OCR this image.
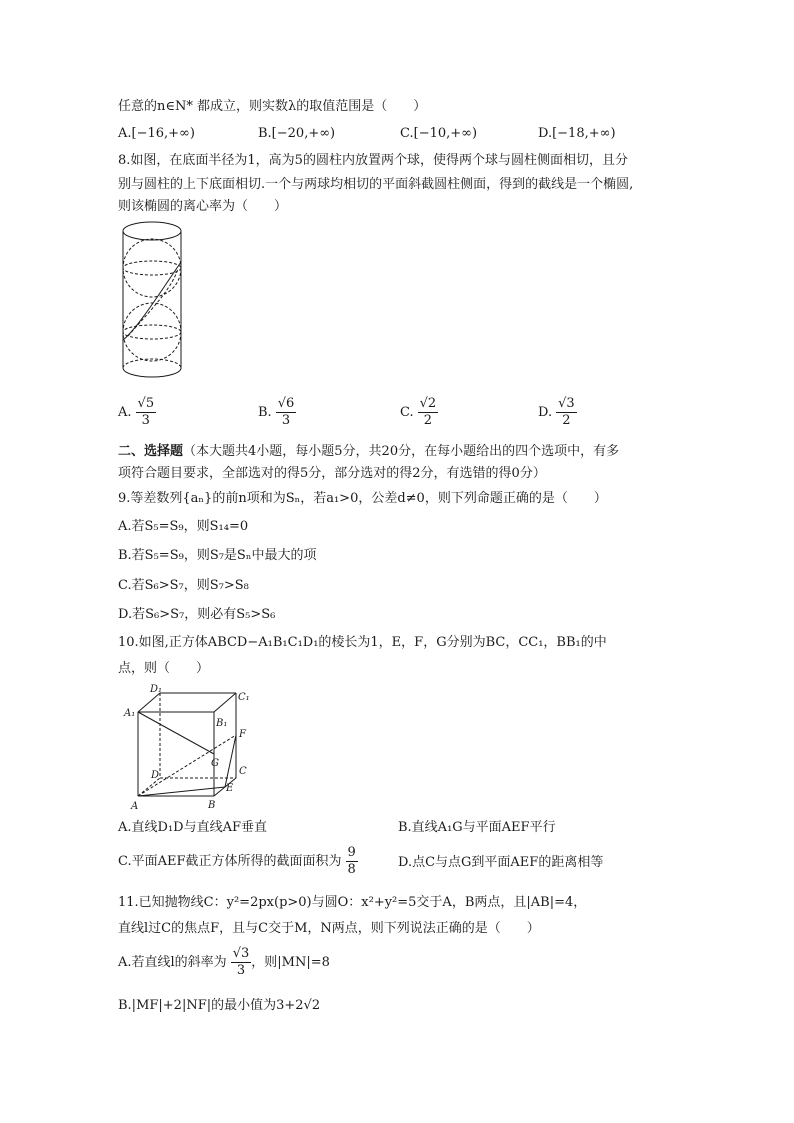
任意的n∈N* 都成立，则实数λ的取值范围是（　　）
A.[−16,+∞)	B.[−20,+∞)	C.[−10,+∞)	D.[−18,+∞)
8.如图，在底面半径为1，高为5的圆柱内放置两个球，使得两个球与圆柱侧面相切，且分
别与圆柱的上下底面相切.一个与两球均相切的平面斜截圆柱侧面，得到的截线是一个椭圆,
则该椭圆的离心率为（　　）
A. $\frac{√5}{3}$	B. $\frac{√6}{3}$	C. $\frac{√2}{2}$	D. $\frac{√3}{2}$
二、选择题（本大题共4小题，每小题5分，共20分，在每小题给出的四个选项中，有多
项符合题目要求，全部选对的得5分，部分选对的得2分，有选错的得0分）
9.等差数列{aₙ}的前n项和为Sₙ，若a₁>0，公差d≠0，则下列命题正确的是（　　）
A.若S₅=S₉，则S₁₄=0
B.若S₅=S₉，则S₇是Sₙ中最大的项
C.若S₆>S₇，则S₇>S₈
D.若S₆>S₇，则必有S₅>S₆
10.如图,正方体ABCD−A₁B₁C₁D₁的棱长为1，E，F，G分别为BC，CC₁，BB₁的中
点，则（　　）
D₁
C₁
A₁
B₁
F
G
D	C
E
A	B
A.直线D₁D与直线AF垂直	B.直线A₁G与平面AEF平行
C.平面AEF截正方体所得的截面面积为 $\frac{9}{8}$	D.点C与点G到平面AEF的距离相等
11.已知抛物线C：y²=2px(p>0)与圆O：x²+y²=5交于A，B两点，且|AB|=4，
直线l过C的焦点F，且与C交于M，N两点，则下列说法正确的是（　　）
A.若直线l的斜率为 $\frac{√3}{3}$ ，则|MN|=8
B.|MF|+2|NF|的最小值为3+2√2
